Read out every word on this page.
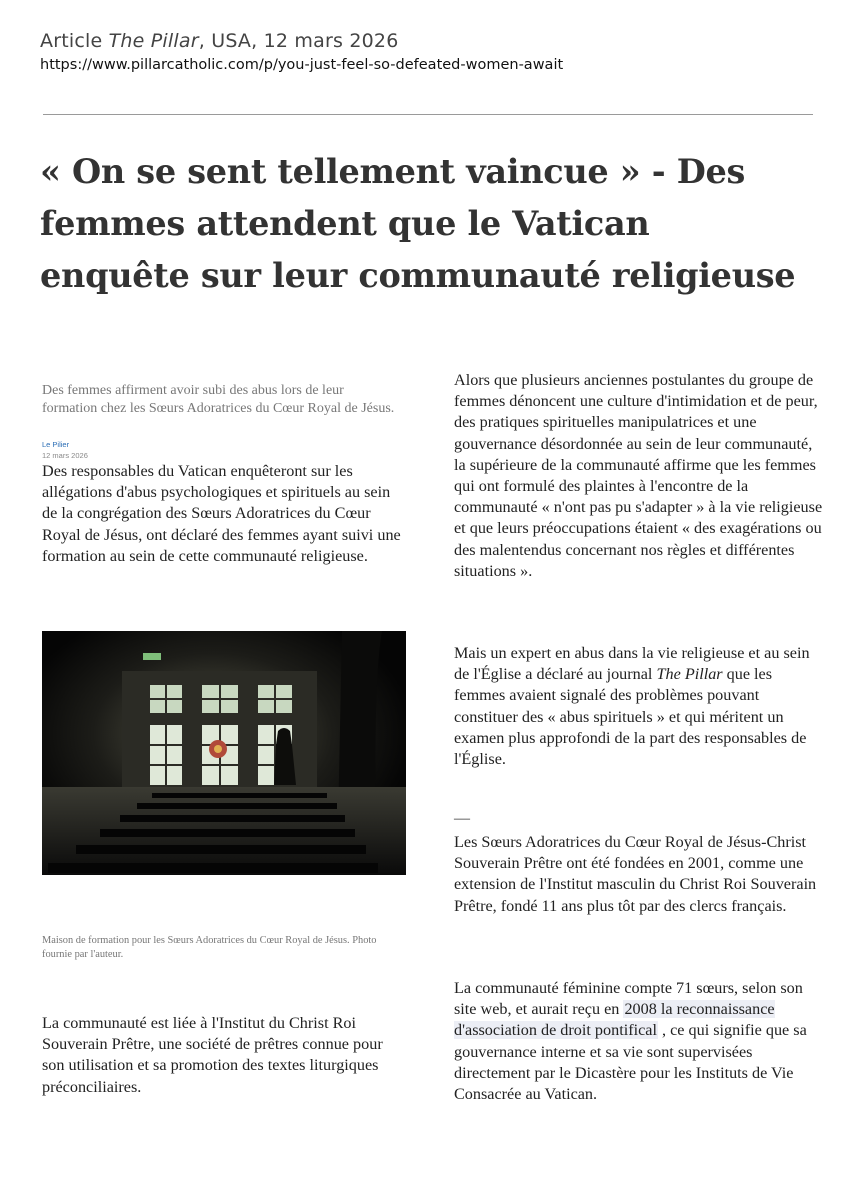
Article The Pillar, USA, 12 mars 2026
https://www.pillarcatholic.com/p/you-just-feel-so-defeated-women-await
« On se sent tellement vaincue » - Des femmes attendent que le Vatican enquête sur leur communauté religieuse

Des femmes affirment avoir subi des abus lors de leur formation chez les Sœurs Adoratrices du Cœur Royal de Jésus.

Le Pilier
12 mars 2026

Des responsables du Vatican enquêteront sur les allégations d'abus psychologiques et spirituels au sein de la congrégation des Sœurs Adoratrices du Cœur Royal de Jésus, ont déclaré des femmes ayant suivi une formation au sein de cette communauté religieuse.

Maison de formation pour les Sœurs Adoratrices du Cœur Royal de Jésus. Photo fournie par l'auteur.

La communauté est liée à l'Institut du Christ Roi Souverain Prêtre, une société de prêtres connue pour son utilisation et sa promotion des textes liturgiques préconciliaires.

Alors que plusieurs anciennes postulantes du groupe de femmes dénoncent une culture d'intimidation et de peur, des pratiques spirituelles manipulatrices et une gouvernance désordonnée au sein de leur communauté, la supérieure de la communauté affirme que les femmes qui ont formulé des plaintes à l'encontre de la communauté « n'ont pas pu s'adapter » à la vie religieuse et que leurs préoccupations étaient « des exagérations ou des malentendus concernant nos règles et différentes situations ».

Mais un expert en abus dans la vie religieuse et au sein de l'Église a déclaré au journal The Pillar que les femmes avaient signalé des problèmes pouvant constituer des « abus spirituels » et qui méritent un examen plus approfondi de la part des responsables de l'Église.

—

Les Sœurs Adoratrices du Cœur Royal de Jésus-Christ Souverain Prêtre ont été fondées en 2001, comme une extension de l'Institut masculin du Christ Roi Souverain Prêtre, fondé 11 ans plus tôt par des clercs français.

La communauté féminine compte 71 sœurs, selon son site web, et aurait reçu en 2008 la reconnaissance d'association de droit pontifical , ce qui signifie que sa gouvernance interne et sa vie sont supervisées directement par le Dicastère pour les Instituts de Vie Consacrée au Vatican.
